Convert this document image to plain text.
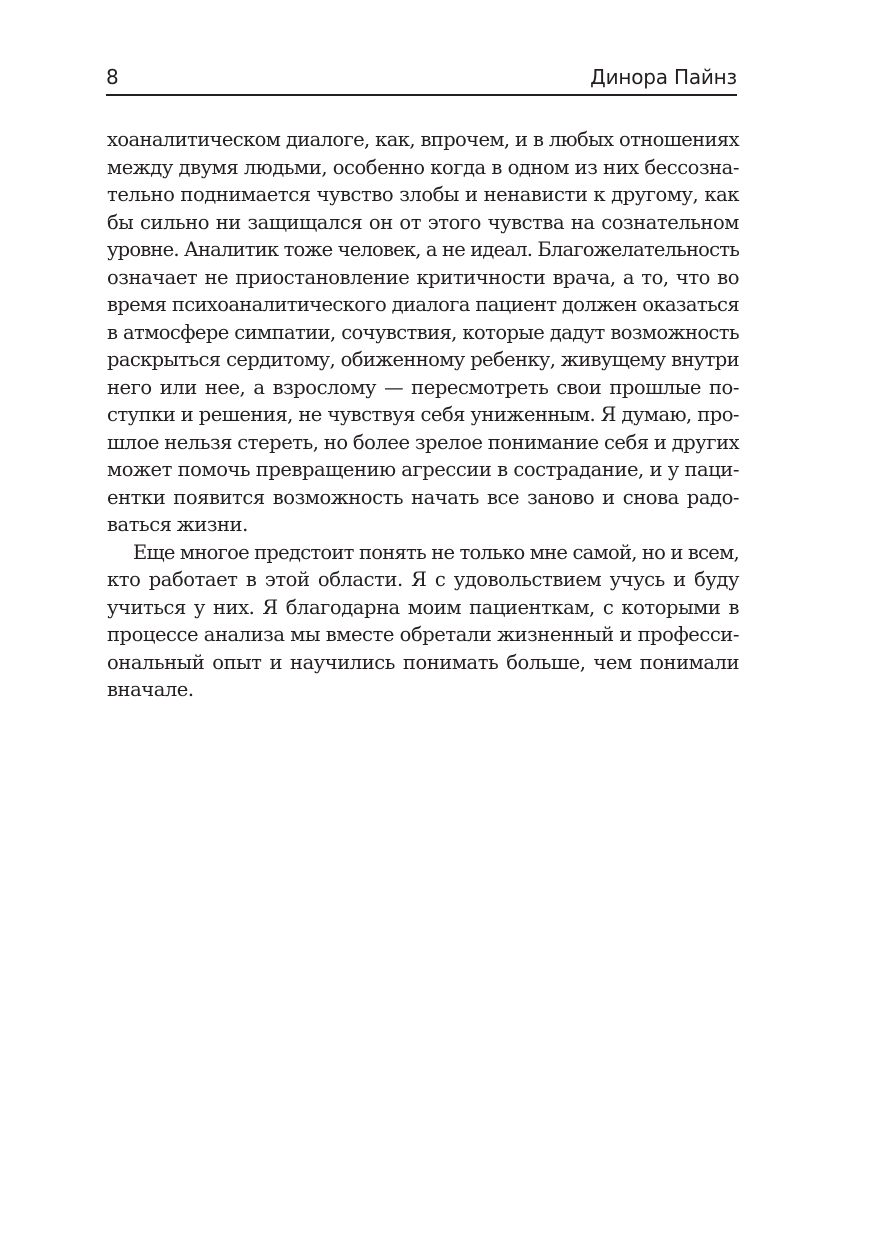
8	Динора Пайнз
хоаналитическом диалоге, как, впрочем, и в любых отношениях
между двумя людьми, особенно когда в одном из них бессозна-
тельно поднимается чувство злобы и ненависти к другому, как
бы сильно ни защищался он от этого чувства на сознательном
уровне. Аналитик тоже человек, а не идеал. Благожелательность
означает не приостановление критичности врача, а то, что во
время психоаналитического диалога пациент должен оказаться
в атмосфере симпатии, сочувствия, которые дадут возможность
раскрыться сердитому, обиженному ребенку, живущему внутри
него или нее, а взрослому — пересмотреть свои прошлые по-
ступки и решения, не чувствуя себя униженным. Я думаю, про-
шлое нельзя стереть, но более зрелое понимание себя и других
может помочь превращению агрессии в сострадание, и у паци-
ентки появится возможность начать все заново и снова радо-
ваться жизни.
Еще многое предстоит понять не только мне самой, но и всем,
кто работает в этой области. Я с удовольствием учусь и буду
учиться у них. Я благодарна моим пациенткам, с которыми в
процессе анализа мы вместе обретали жизненный и професси-
ональный опыт и научились понимать больше, чем понимали
вначале.
